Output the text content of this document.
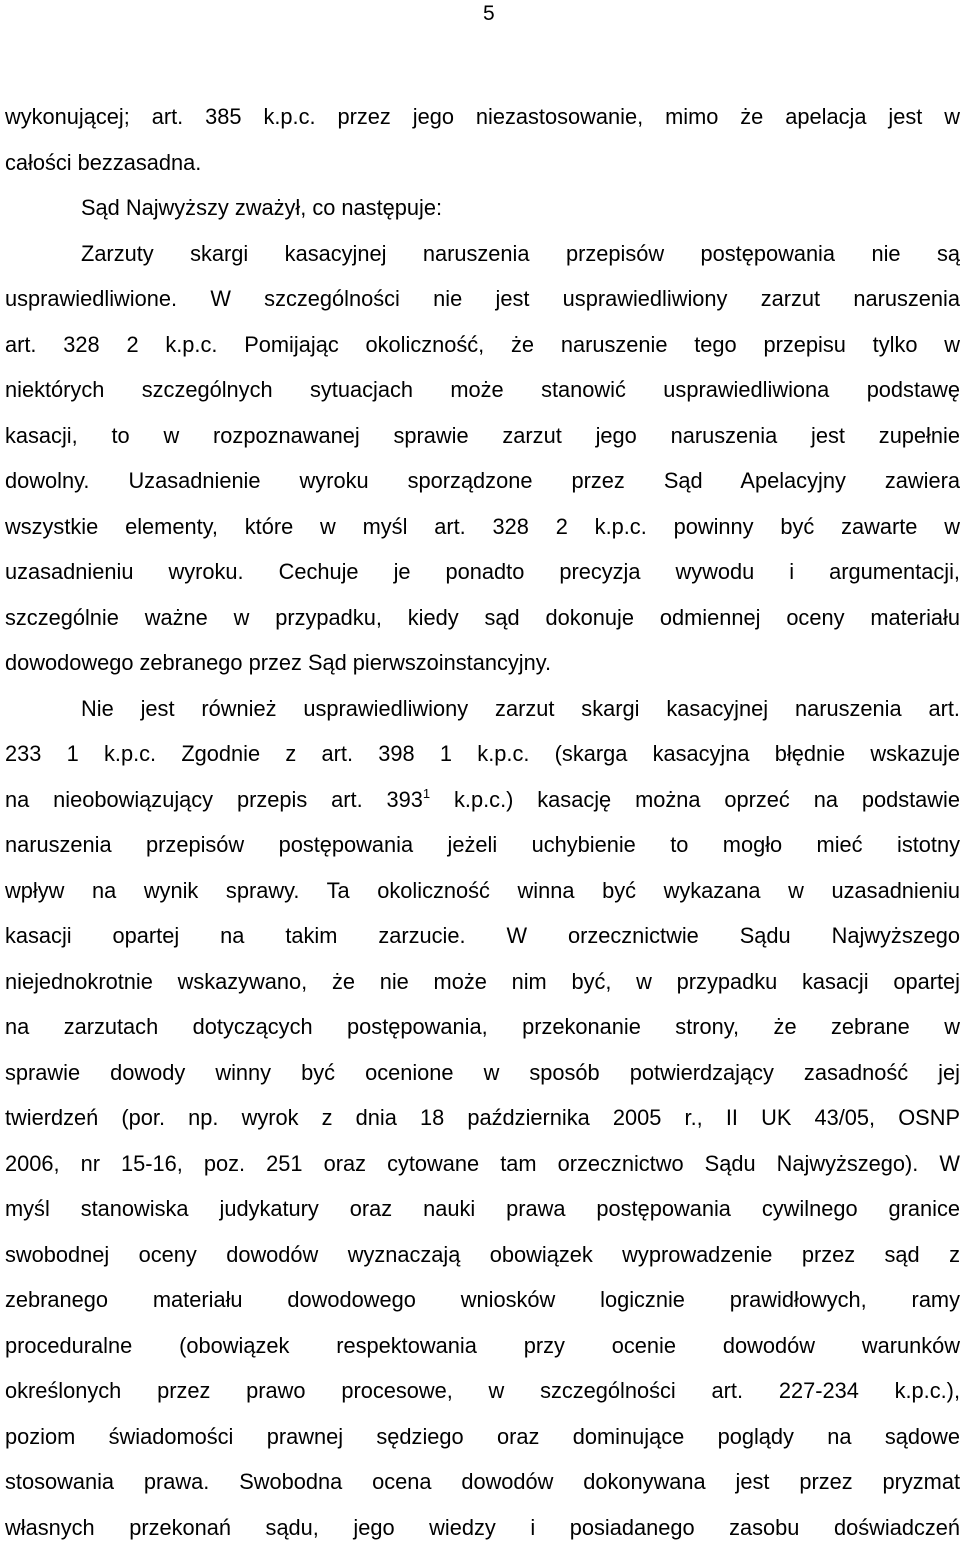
5
wykonującej; art. 385 k.p.c. przez jego niezastosowanie, mimo że apelacja jest w
całości bezzasadna.
Sąd Najwyższy zważył, co następuje:
Zarzuty skargi kasacyjnej naruszenia przepisów postępowania nie są
usprawiedliwione. W szczególności nie jest usprawiedliwiony zarzut naruszenia
art. 328 2 k.p.c. Pomijając okoliczność, że naruszenie tego przepisu tylko w
niektórych szczególnych sytuacjach może stanowić usprawiedliwiona podstawę
kasacji, to w rozpoznawanej sprawie zarzut jego naruszenia jest zupełnie
dowolny. Uzasadnienie wyroku sporządzone przez Sąd Apelacyjny zawiera
wszystkie elementy, które w myśl art. 328 2 k.p.c. powinny być zawarte w
uzasadnieniu wyroku. Cechuje je ponadto precyzja wywodu i argumentacji,
szczególnie ważne w przypadku, kiedy sąd dokonuje odmiennej oceny materiału
dowodowego zebranego przez Sąd pierwszoinstancyjny.
Nie jest również usprawiedliwiony zarzut skargi kasacyjnej naruszenia art.
233 1 k.p.c. Zgodnie z art. 398 1 k.p.c. (skarga kasacyjna błędnie wskazuje
na nieobowiązujący przepis art. $393^1$ k.p.c.) kasację można oprzeć na podstawie
naruszenia przepisów postępowania jeżeli uchybienie to mogło mieć istotny
wpływ na wynik sprawy. Ta okoliczność winna być wykazana w uzasadnieniu
kasacji opartej na takim zarzucie. W orzecznictwie Sądu Najwyższego
niejednokrotnie wskazywano, że nie może nim być, w przypadku kasacji opartej
na zarzutach dotyczących postępowania, przekonanie strony, że zebrane w
sprawie dowody winny być ocenione w sposób potwierdzający zasadność jej
twierdzeń (por. np. wyrok z dnia 18 października 2005 r., II UK 43/05, OSNP
2006, nr 15-16, poz. 251 oraz cytowane tam orzecznictwo Sądu Najwyższego). W
myśl stanowiska judykatury oraz nauki prawa postępowania cywilnego granice
swobodnej oceny dowodów wyznaczają obowiązek wyprowadzenie przez sąd z
zebranego materiału dowodowego wniosków logicznie prawidłowych, ramy
proceduralne (obowiązek respektowania przy ocenie dowodów warunków
określonych przez prawo procesowe, w szczególności art. 227-234 k.p.c.),
poziom świadomości prawnej sędziego oraz dominujące poglądy na sądowe
stosowania prawa. Swobodna ocena dowodów dokonywana jest przez pryzmat
własnych przekonań sądu, jego wiedzy i posiadanego zasobu doświadczeń
